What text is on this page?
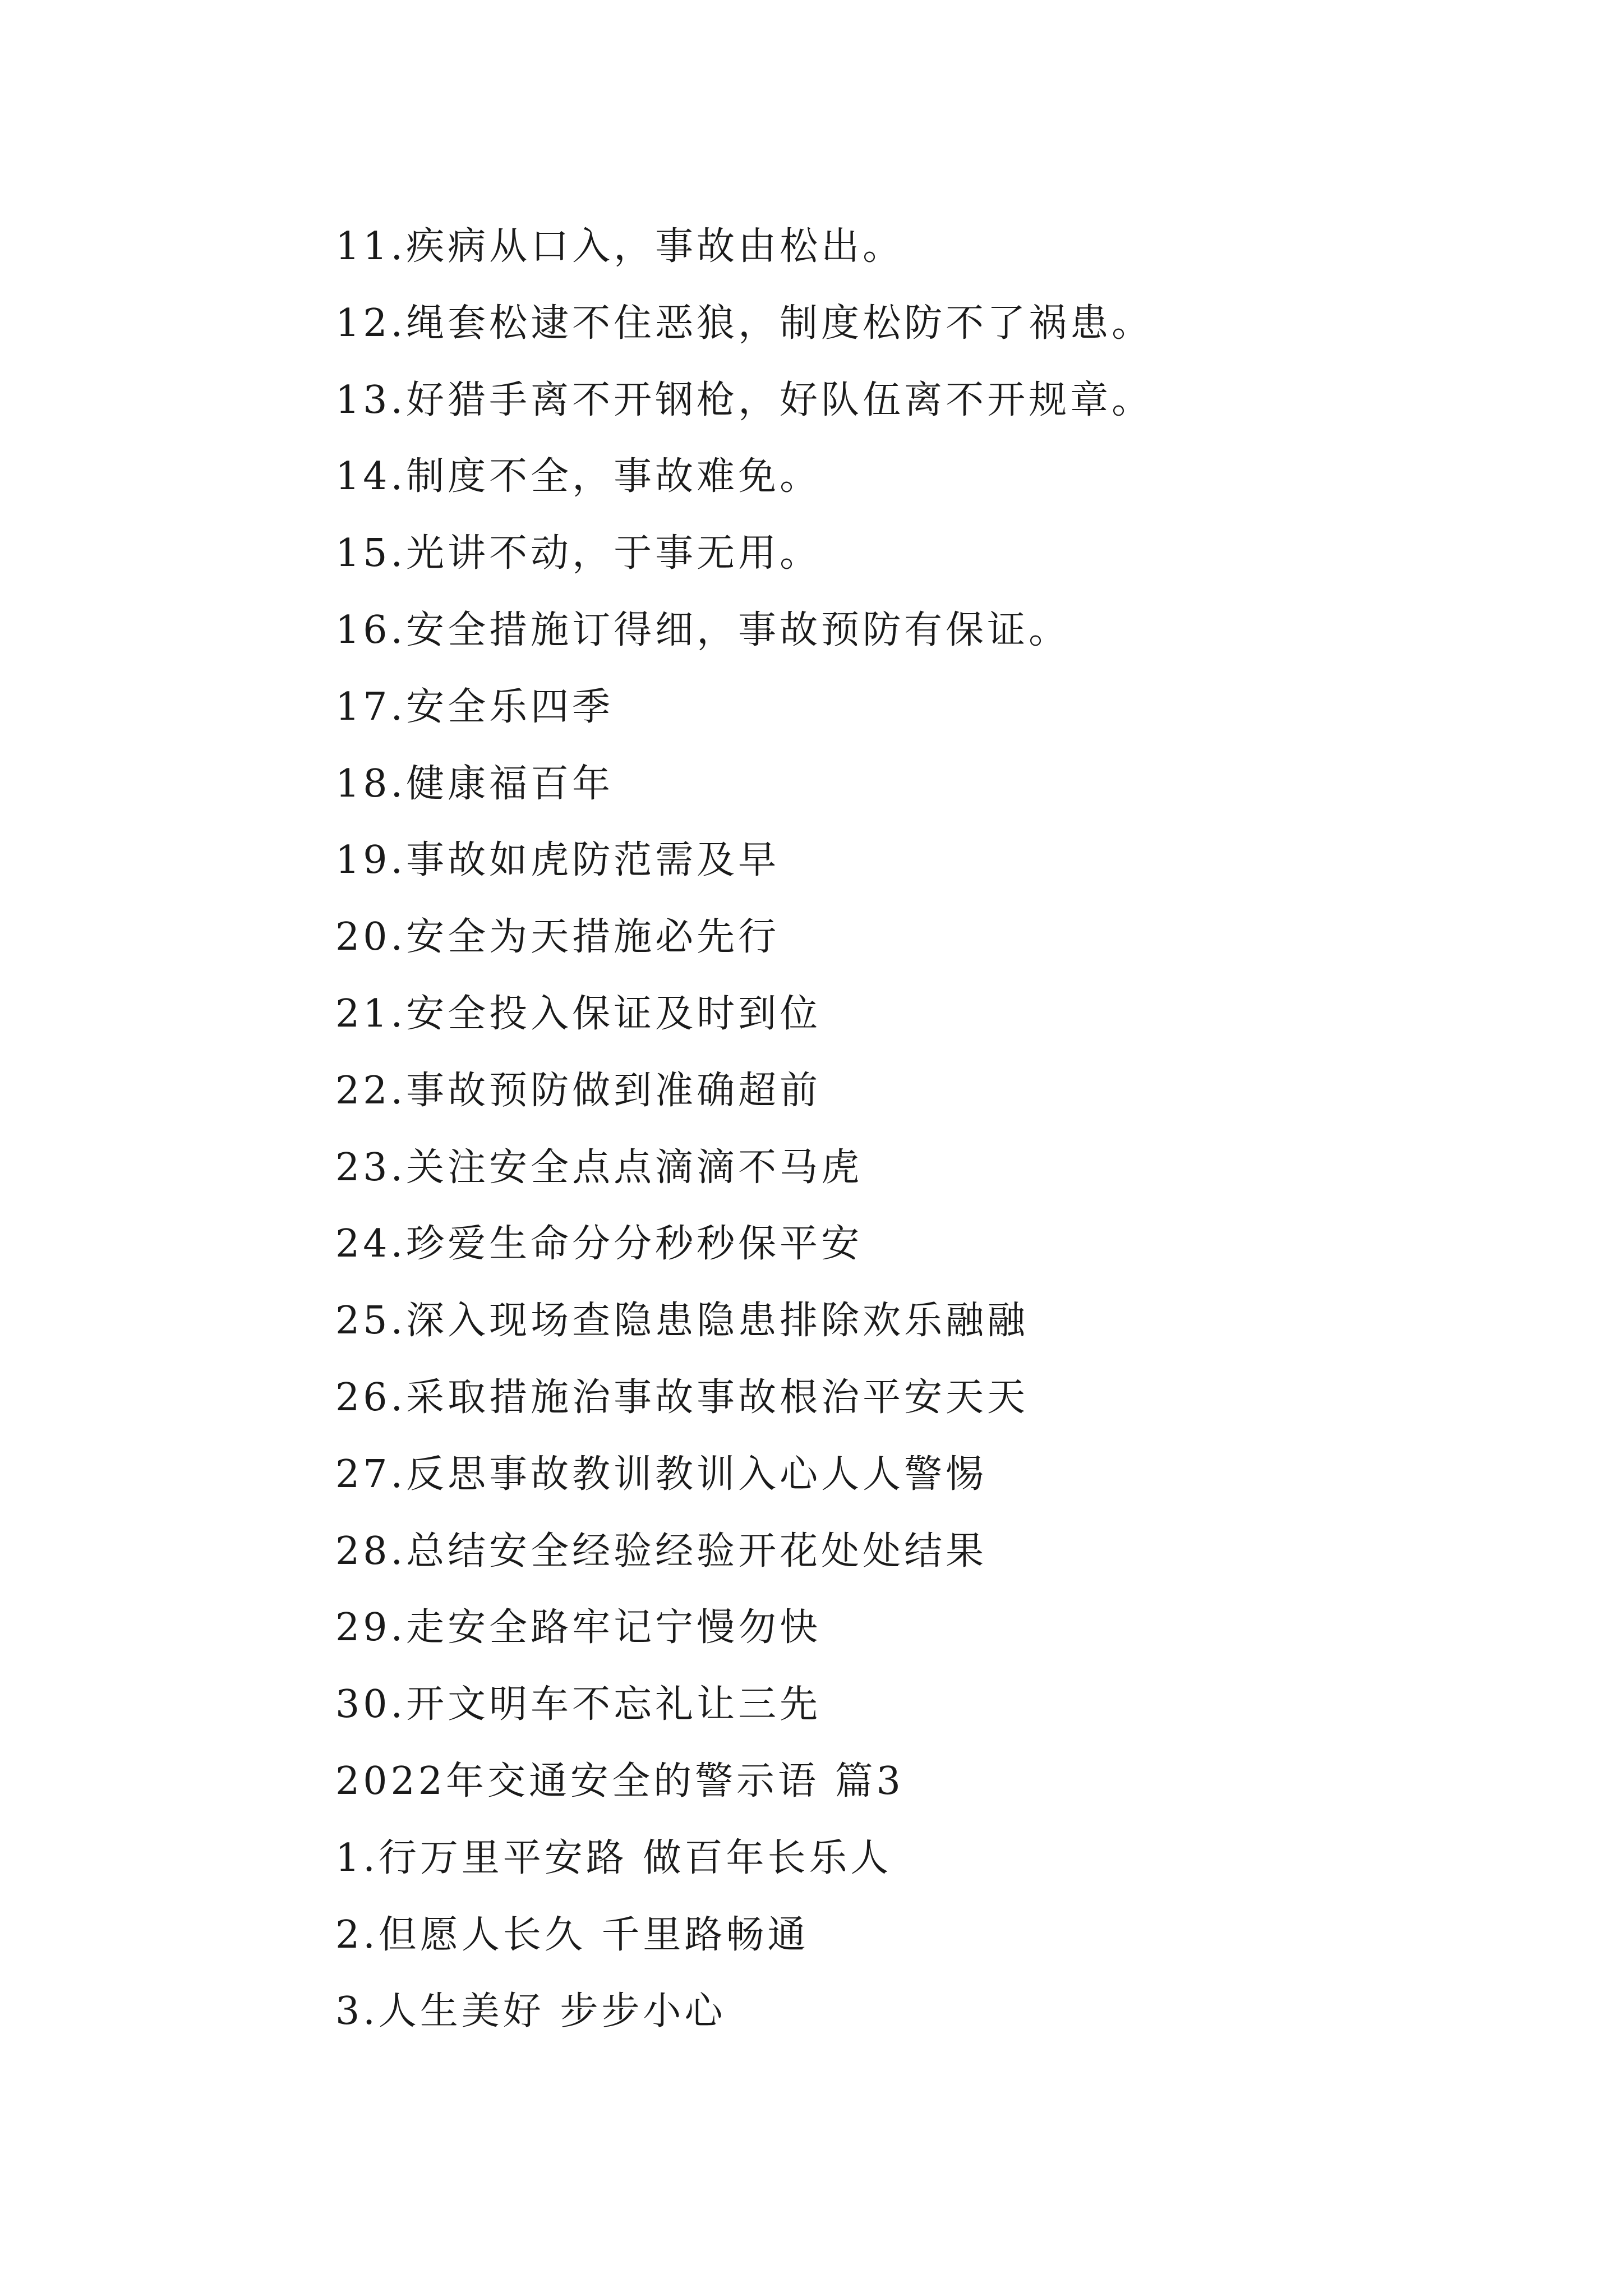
11.疾病从口入，事故由松出。
12.绳套松逮不住恶狼，制度松防不了祸患。
13.好猎手离不开钢枪，好队伍离不开规章。
14.制度不全，事故难免。
15.光讲不动，于事无用。
16.安全措施订得细，事故预防有保证。
17.安全乐四季
18.健康福百年
19.事故如虎防范需及早
20.安全为天措施必先行
21.安全投入保证及时到位
22.事故预防做到准确超前
23.关注安全点点滴滴不马虎
24.珍爱生命分分秒秒保平安
25.深入现场查隐患隐患排除欢乐融融
26.采取措施治事故事故根治平安天天
27.反思事故教训教训入心人人警惕
28.总结安全经验经验开花处处结果
29.走安全路牢记宁慢勿快
30.开文明车不忘礼让三先
2022年交通安全的警示语 篇3
1.行万里平安路 做百年长乐人
2.但愿人长久 千里路畅通
3.人生美好 步步小心
